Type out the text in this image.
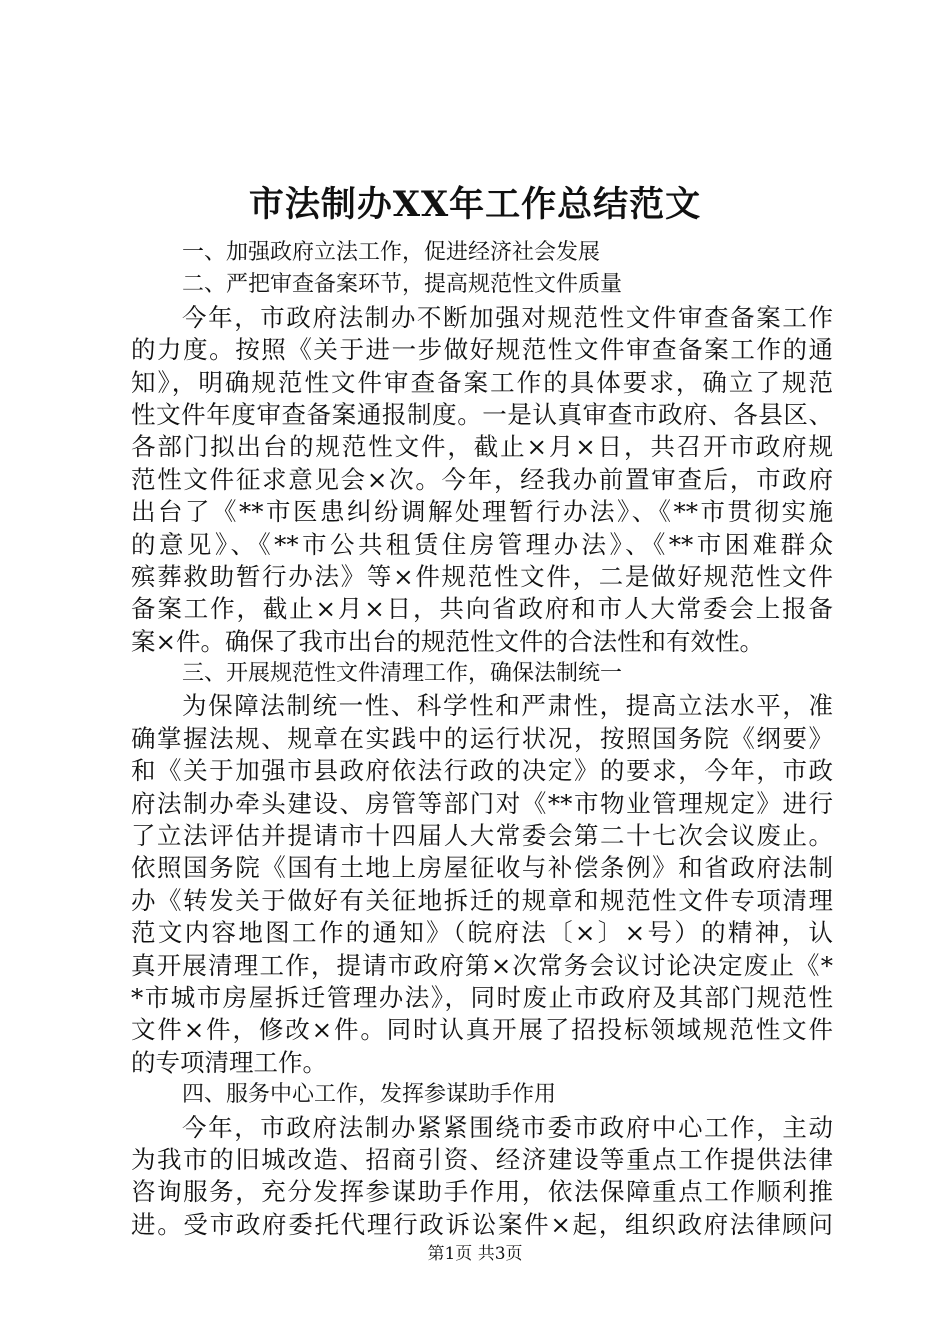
市法制办XX年工作总结范文
一、加强政府立法工作，促进经济社会发展
二、严把审查备案环节，提高规范性文件质量
今年，市政府法制办不断加强对规范性文件审查备案工作
的力度。按照《关于进一步做好规范性文件审查备案工作的通
知》，明确规范性文件审查备案工作的具体要求，确立了规范
性文件年度审查备案通报制度。一是认真审查市政府、各县区、
各部门拟出台的规范性文件，截止×月×日，共召开市政府规
范性文件征求意见会×次。今年，经我办前置审查后，市政府
出台了《**市医患纠纷调解处理暂行办法》、《**市贯彻实施
的意见》、《**市公共租赁住房管理办法》、《**市困难群众
殡葬救助暂行办法》等×件规范性文件，二是做好规范性文件
备案工作，截止×月×日，共向省政府和市人大常委会上报备
案×件。确保了我市出台的规范性文件的合法性和有效性。
三、开展规范性文件清理工作，确保法制统一
为保障法制统一性、科学性和严肃性，提高立法水平，准
确掌握法规、规章在实践中的运行状况，按照国务院《纲要》
和《关于加强市县政府依法行政的决定》的要求，今年，市政
府法制办牵头建设、房管等部门对《**市物业管理规定》进行
了立法评估并提请市十四届人大常委会第二十七次会议废止。
依照国务院《国有土地上房屋征收与补偿条例》和省政府法制
办《转发关于做好有关征地拆迁的规章和规范性文件专项清理
范文内容地图工作的通知》（皖府法〔×〕×号）的精神，认
真开展清理工作，提请市政府第×次常务会议讨论决定废止《*
*市城市房屋拆迁管理办法》，同时废止市政府及其部门规范性
文件×件，修改×件。同时认真开展了招投标领域规范性文件
的专项清理工作。
四、服务中心工作，发挥参谋助手作用
今年，市政府法制办紧紧围绕市委市政府中心工作，主动
为我市的旧城改造、招商引资、经济建设等重点工作提供法律
咨询服务，充分发挥参谋助手作用，依法保障重点工作顺利推
进。受市政府委托代理行政诉讼案件×起，组织政府法律顾问
第1页 共3页
